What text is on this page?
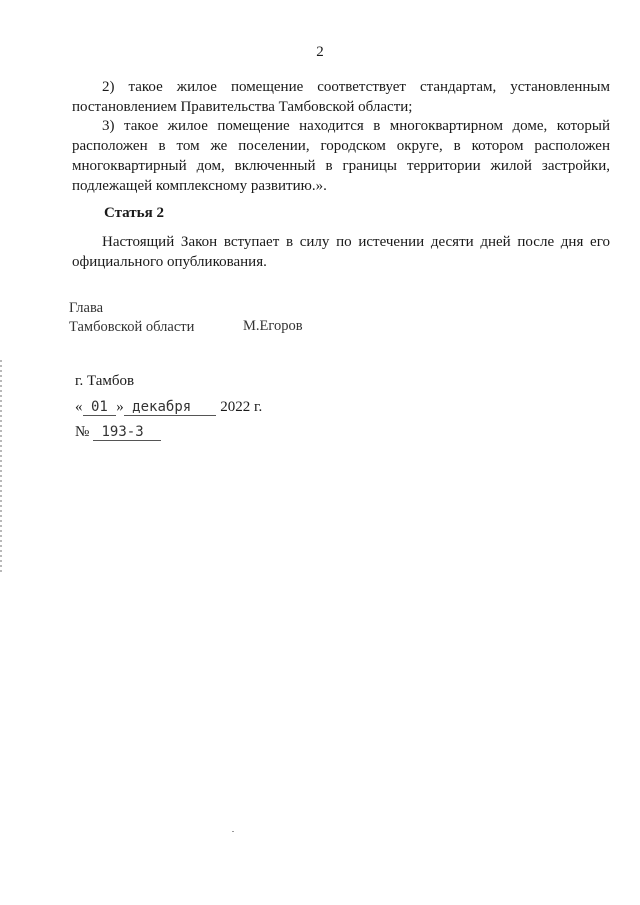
2
2) такое жилое помещение соответствует стандартам, установленным постановлением Правительства Тамбовской области;
3) такое жилое помещение находится в многоквартирном доме, который расположен в том же поселении, городском округе, в котором расположен многоквартирный дом, включенный в границы территории жилой застройки, подлежащей комплексному развитию.».
Статья 2
Настоящий Закон вступает в силу по истечении десяти дней после дня его официального опубликования.
Глава
Тамбовской области	М.Егоров
г. Тамбов
« 01 » декабря 2022 г.
№ 193-З
